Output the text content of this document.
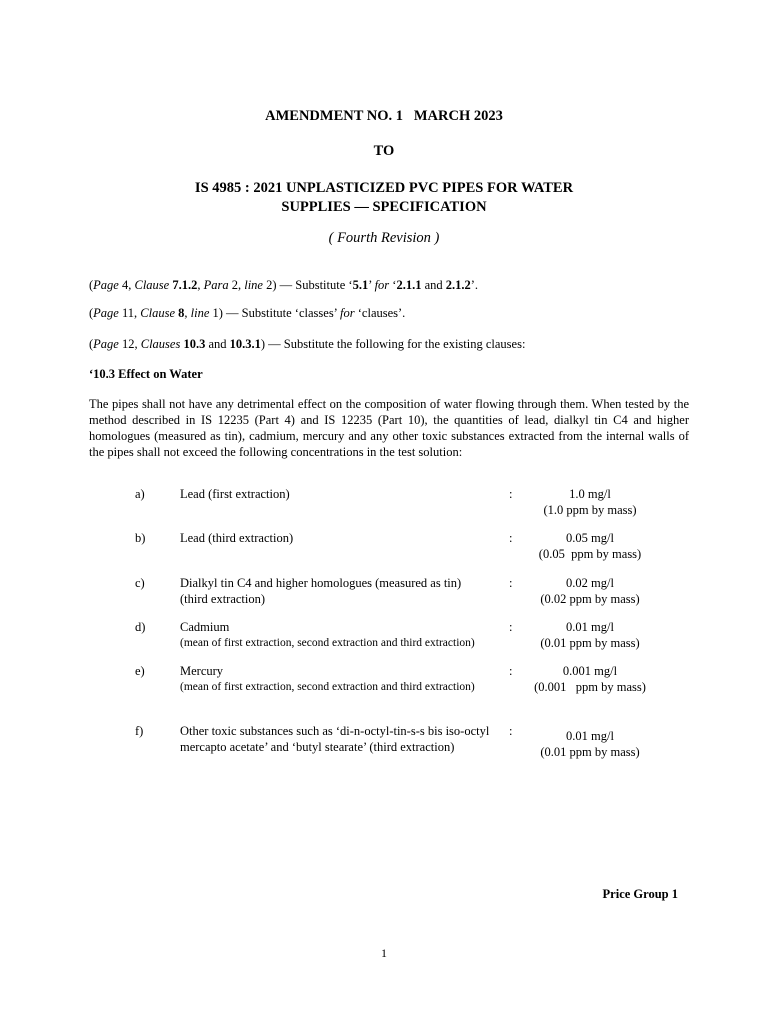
AMENDMENT NO. 1   MARCH 2023
TO
IS 4985 : 2021 UNPLASTICIZED PVC PIPES FOR WATER
SUPPLIES — SPECIFICATION
( Fourth Revision )
(Page 4, Clause 7.1.2, Para 2, line 2) — Substitute ‘5.1’ for ‘2.1.1 and 2.1.2’.
(Page 11, Clause 8, line 1) — Substitute ‘classes’ for ‘clauses’.
(Page 12, Clauses 10.3 and 10.3.1) — Substitute the following for the existing clauses:
‘10.3 Effect on Water
The pipes shall not have any detrimental effect on the composition of water flowing through them. When tested by the method described in IS 12235 (Part 4) and IS 12235 (Part 10), the quantities of lead, dialkyl tin C4 and higher homologues (measured as tin), cadmium, mercury and any other toxic substances extracted from the internal walls of the pipes shall not exceed the following concentrations in the test solution:
a)	Lead (first extraction)	:	1.0 mg/l
(1.0 ppm by mass)
b)	Lead (third extraction)	:	0.05 mg/l
(0.05  ppm by mass)
c)	Dialkyl tin C4 and higher homologues (measured as tin)
(third extraction)
:	0.02 mg/l
(0.02 ppm by mass)
d)	Cadmium
(mean of first extraction, second extraction and third extraction)
:	0.01 mg/l
(0.01 ppm by mass)
e)	Mercury
(mean of first extraction, second extraction and third extraction)
:	0.001 mg/l
(0.001   ppm by mass)
f)	Other toxic substances such as ‘di-n-octyl-tin-s-s bis iso-octyl
mercapto acetate’ and ‘butyl stearate’ (third extraction)
:	0.01 mg/l
(0.01 ppm by mass)
Price Group 1
1
